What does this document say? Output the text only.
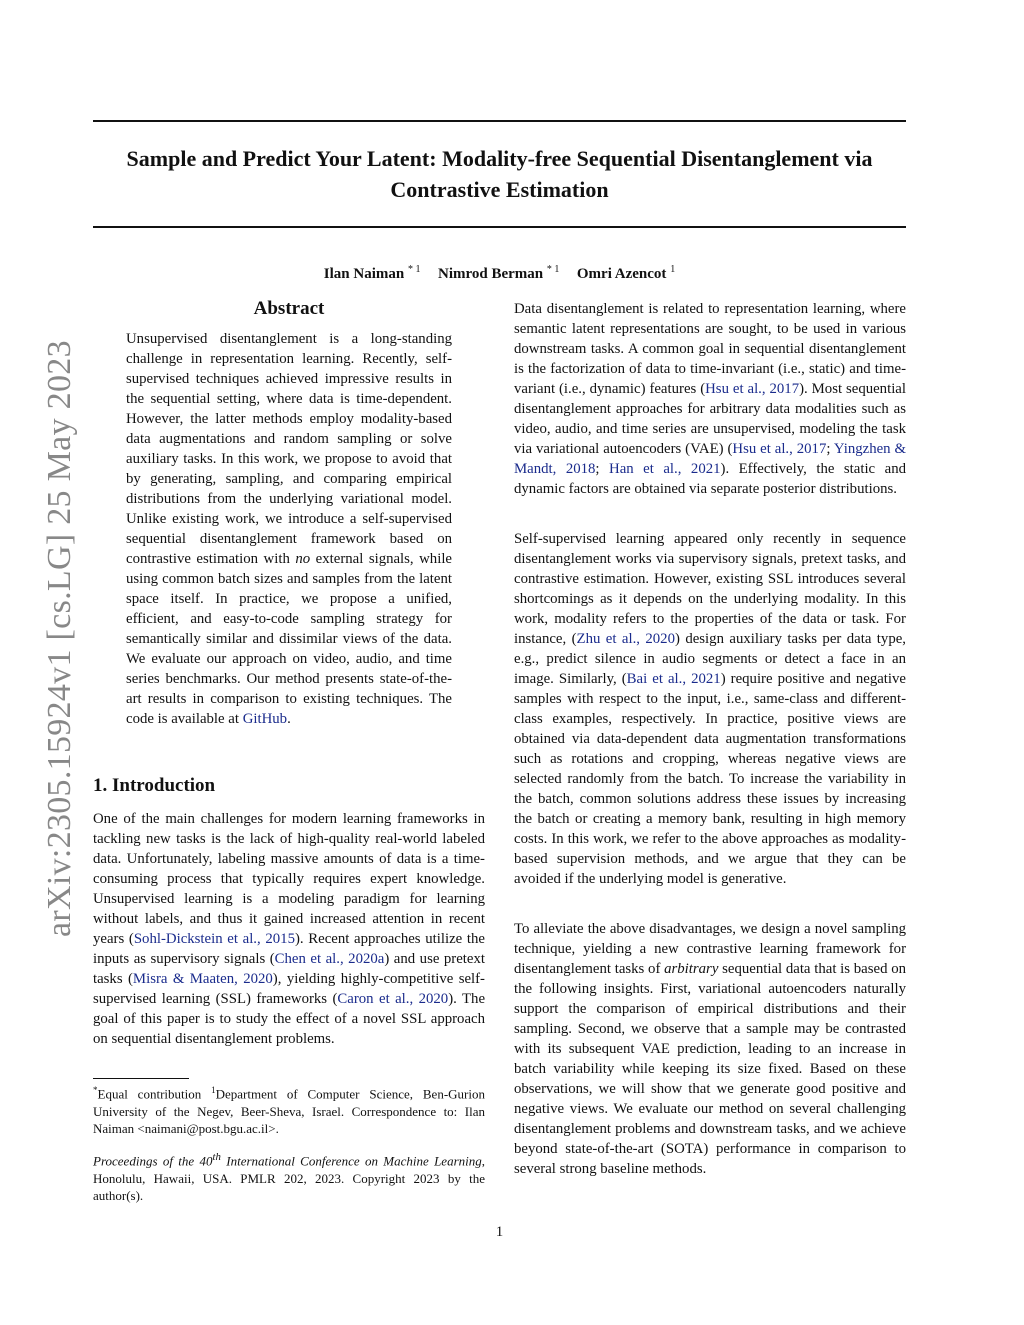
Sample and Predict Your Latent: Modality-free Sequential Disentanglement via
Contrastive Estimation
Ilan Naiman $^{* 1}$ Nimrod Berman $^{* 1}$ Omri Azencot $^1$
arXiv:2305.15924v1 [cs.LG] 25 May 2023
Abstract
Unsupervised disentanglement is a long-standing challenge in representation learning. Recently, self-supervised techniques achieved impressive results in the sequential setting, where data is time-dependent. However, the latter methods employ modality-based data augmentations and random sampling or solve auxiliary tasks. In this work, we propose to avoid that by generating, sampling, and comparing empirical distributions from the underlying variational model. Unlike existing work, we introduce a self-supervised sequential disentanglement framework based on contrastive estimation with no external signals, while using common batch sizes and samples from the latent space itself. In practice, we propose a unified, efficient, and easy-to-code sampling strategy for semantically similar and dissimilar views of the data. We evaluate our approach on video, audio, and time series benchmarks. Our method presents state-of-the-art results in comparison to existing techniques. The code is available at GitHub.
1. Introduction
One of the main challenges for modern learning frameworks in tackling new tasks is the lack of high-quality real-world labeled data. Unfortunately, labeling massive amounts of data is a time-consuming process that typically requires expert knowledge. Unsupervised learning is a modeling paradigm for learning without labels, and thus it gained increased attention in recent years (Sohl-Dickstein et al., 2015). Recent approaches utilize the inputs as supervisory signals (Chen et al., 2020a) and use pretext tasks (Misra & Maaten, 2020), yielding highly-competitive self-supervised learning (SSL) frameworks (Caron et al., 2020). The goal of this paper is to study the effect of a novel SSL approach on sequential disentanglement problems.
*Equal contribution $^1$Department of Computer Science, Ben-Gurion University of the Negev, Beer-Sheva, Israel. Correspondence to: Ilan Naiman <naimani@post.bgu.ac.il>.
Proceedings of the 40th International Conference on Machine Learning, Honolulu, Hawaii, USA. PMLR 202, 2023. Copyright 2023 by the author(s).
Data disentanglement is related to representation learning, where semantic latent representations are sought, to be used in various downstream tasks. A common goal in sequential disentanglement is the factorization of data to time-invariant (i.e., static) and time-variant (i.e., dynamic) features (Hsu et al., 2017). Most sequential disentanglement approaches for arbitrary data modalities such as video, audio, and time series are unsupervised, modeling the task via variational autoencoders (VAE) (Hsu et al., 2017; Yingzhen & Mandt, 2018; Han et al., 2021). Effectively, the static and dynamic factors are obtained via separate posterior distributions.
Self-supervised learning appeared only recently in sequence disentanglement works via supervisory signals, pretext tasks, and contrastive estimation. However, existing SSL introduces several shortcomings as it depends on the underlying modality. In this work, modality refers to the properties of the data or task. For instance, (Zhu et al., 2020) design auxiliary tasks per data type, e.g., predict silence in audio segments or detect a face in an image. Similarly, (Bai et al., 2021) require positive and negative samples with respect to the input, i.e., same-class and different-class examples, respectively. In practice, positive views are obtained via data-dependent data augmentation transformations such as rotations and cropping, whereas negative views are selected randomly from the batch. To increase the variability in the batch, common solutions address these issues by increasing the batch or creating a memory bank, resulting in high memory costs. In this work, we refer to the above approaches as modality-based supervision methods, and we argue that they can be avoided if the underlying model is generative.
To alleviate the above disadvantages, we design a novel sampling technique, yielding a new contrastive learning framework for disentanglement tasks of arbitrary sequential data that is based on the following insights. First, variational autoencoders naturally support the comparison of empirical distributions and their sampling. Second, we observe that a sample may be contrasted with its subsequent VAE prediction, leading to an increase in batch variability while keeping its size fixed. Based on these observations, we will show that we generate good positive and negative views. We evaluate our method on several challenging disentanglement problems and downstream tasks, and we achieve beyond state-of-the-art (SOTA) performance in comparison to several strong baseline methods.
1
